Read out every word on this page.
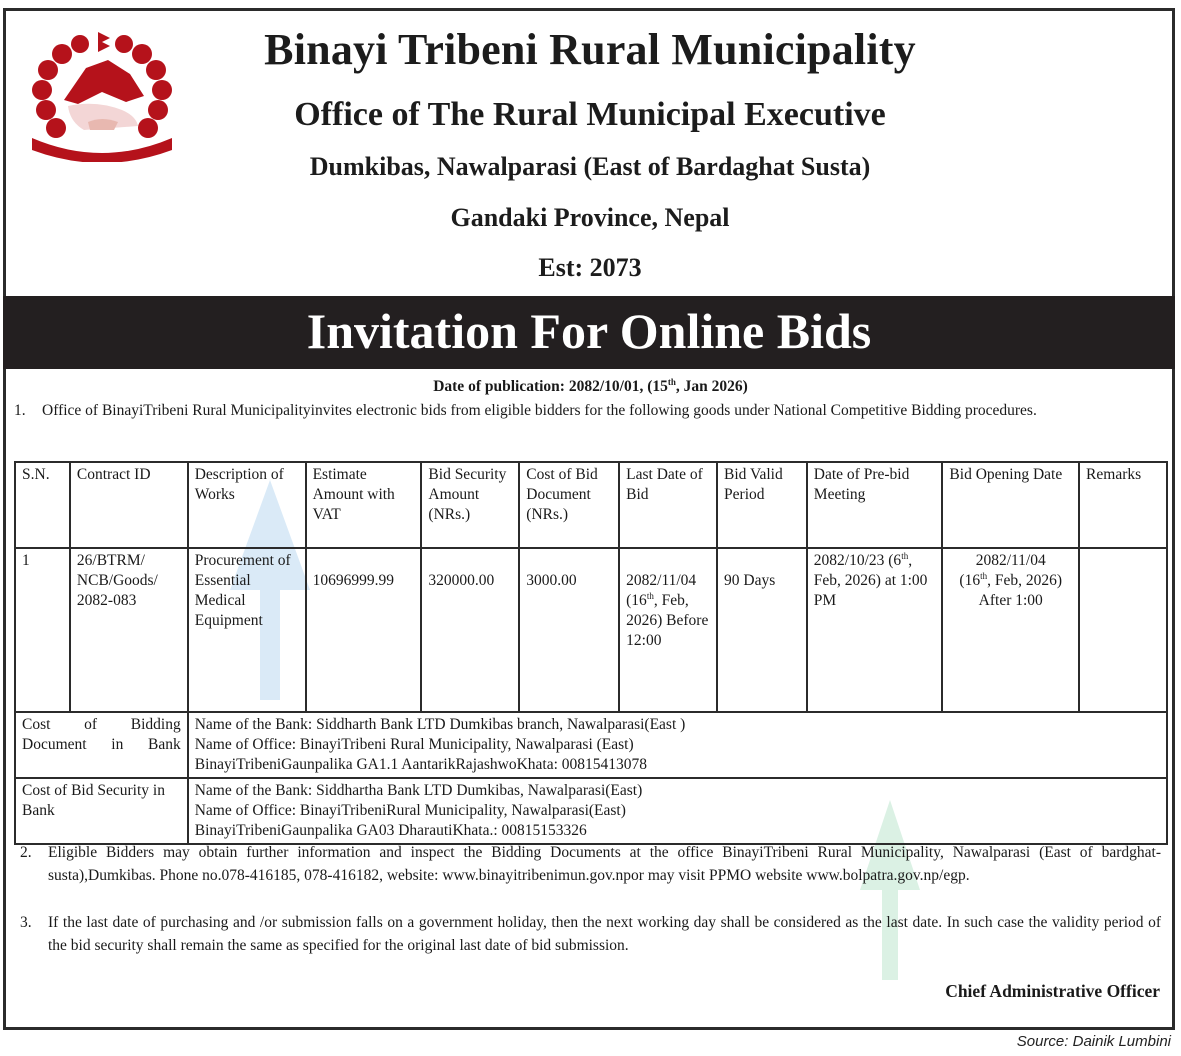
Binayi Tribeni Rural Municipality
Office of The Rural Municipal Executive
Dumkibas, Nawalparasi (East of Bardaghat Susta)
Gandaki Province, Nepal
Est: 2073
Invitation For Online Bids
Date of publication: 2082/10/01, (15th, Jan 2026)
1. Office of BinayiTribeni Rural Municipalityinvites electronic bids from eligible bidders for the following goods under National Competitive Bidding procedures.
S.N.	Contract ID	Description of Works	Estimate Amount with VAT	Bid Security Amount (NRs.)	Cost of Bid Document (NRs.)	Last Date of Bid	Bid Valid Period	Date of Pre-bid Meeting	Bid Opening Date	Remarks
1	26/BTRM/ NCB/Goods/ 2082-083	Procurement of Essential Medical Equipment	10696999.99	320000.00	3000.00	2082/11/04 (16th, Feb, 2026) Before 12:00	90 Days	2082/10/23 (6th, Feb, 2026) at 1:00 PM	2082/11/04
(16th, Feb, 2026)
After 1:00	

Cost of Bidding Document in Bank		Name of the Bank: Siddharth Bank LTD Dumkibas branch, Nawalparasi(East )
Name of Office: BinayiTribeni Rural Municipality, Nawalparasi (East)
BinayiTribeniGaunpalika GA1.1 AantarikRajashwoKhata: 00815413078								

Cost of Bid Security in Bank		Name of the Bank: Siddhartha Bank LTD Dumkibas, Nawalparasi(East)
Name of Office: BinayiTribeniRural Municipality, Nawalparasi(East)
BinayiTribeniGaunpalika GA03 DharautiKhata.: 00815153326								
2. Eligible Bidders may obtain further information and inspect the Bidding Documents at the office BinayiTribeni Rural Municipality, Nawalparasi (East of bardghat-susta),Dumkibas. Phone no.078-416185, 078-416182, website: www.binayitribenimun.gov.npor may visit PPMO website www.bolpatra.gov.np/egp.
3. If the last date of purchasing and /or submission falls on a government holiday, then the next working day shall be considered as the last date. In such case the validity period of the bid security shall remain the same as specified for the original last date of bid submission.
Chief Administrative Officer
Source: Dainik Lumbini
